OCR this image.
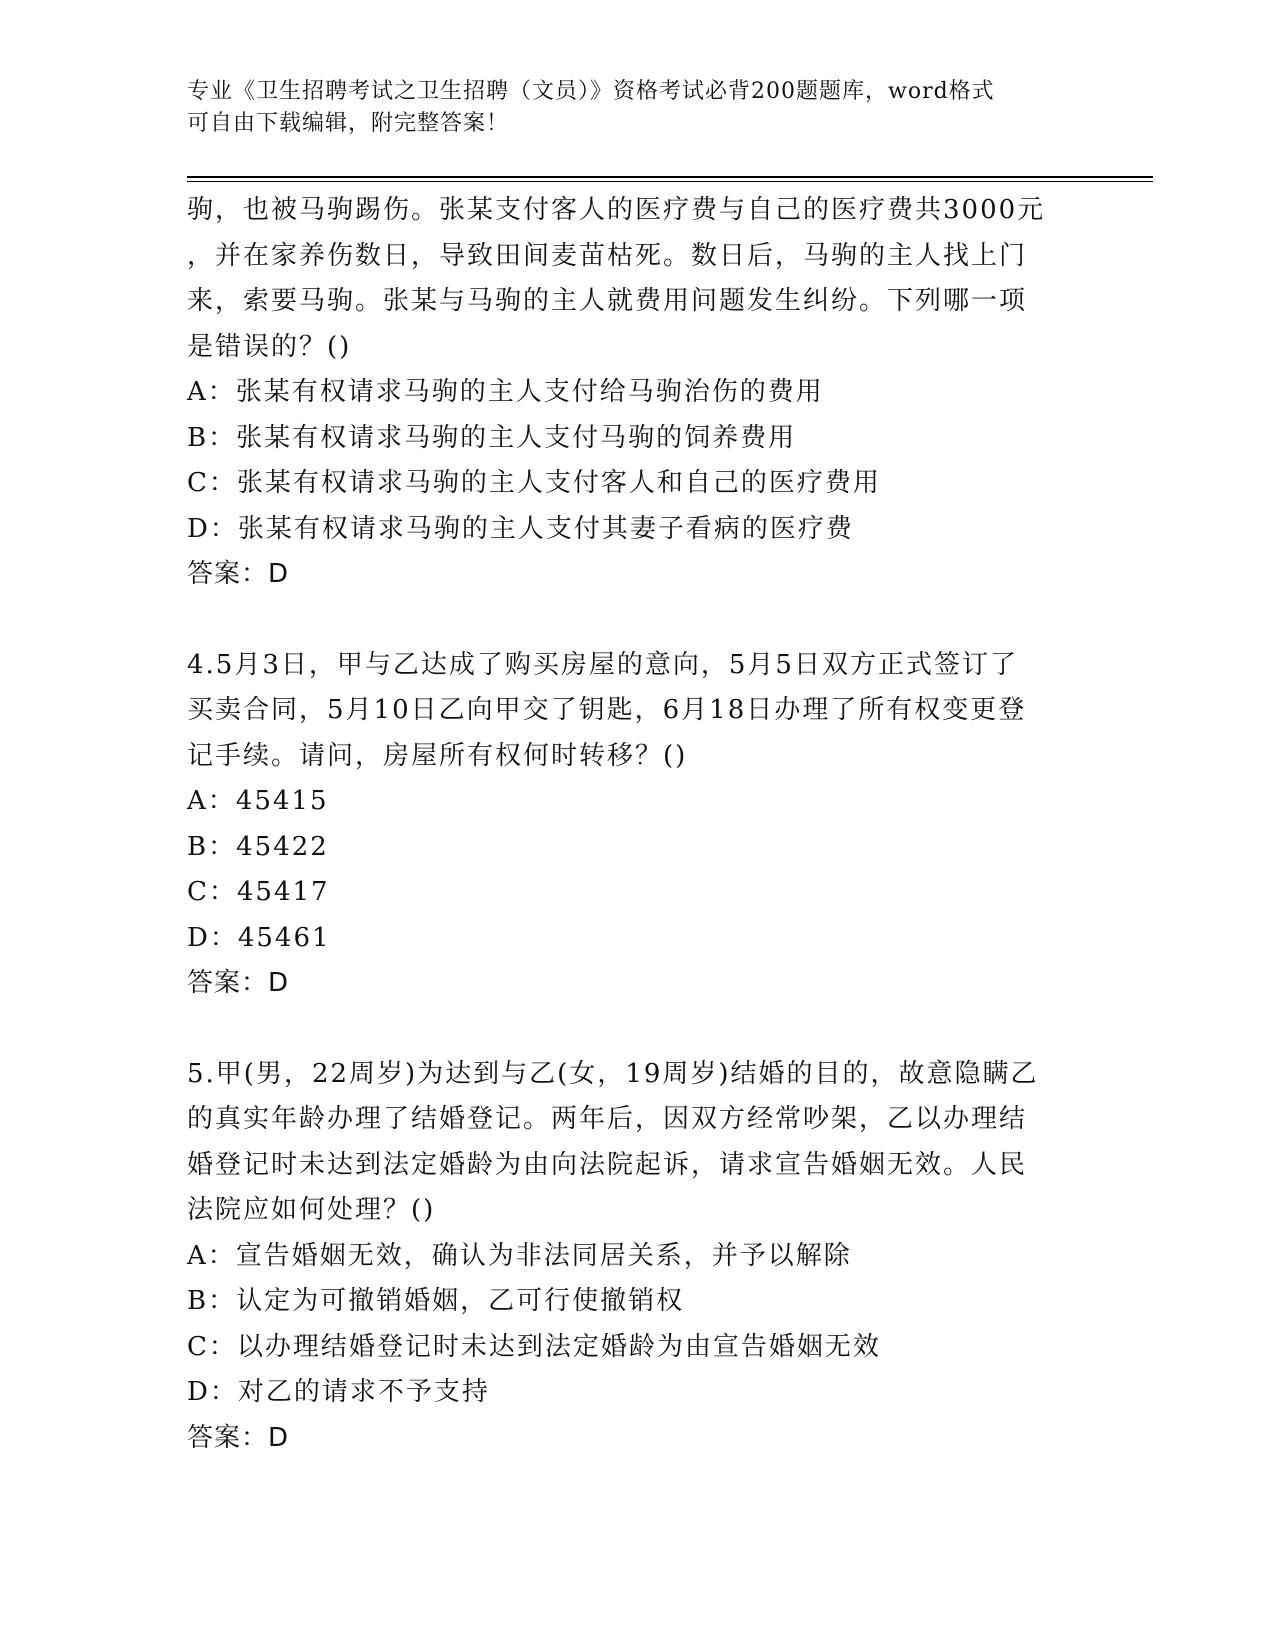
专业《卫生招聘考试之卫生招聘（文员）》资格考试必背200题题库，word格式
可自由下载编辑，附完整答案！

驹，也被马驹踢伤。张某支付客人的医疗费与自己的医疗费共3000元

，并在家养伤数日，导致田间麦苗枯死。数日后，马驹的主人找上门

来，索要马驹。张某与马驹的主人就费用问题发生纠纷。下列哪一项

是错误的？()

A：张某有权请求马驹的主人支付给马驹治伤的费用

B：张某有权请求马驹的主人支付马驹的饲养费用

C：张某有权请求马驹的主人支付客人和自己的医疗费用

D：张某有权请求马驹的主人支付其妻子看病的医疗费

答案：D

4.5月3日，甲与乙达成了购买房屋的意向，5月5日双方正式签订了

买卖合同，5月10日乙向甲交了钥匙，6月18日办理了所有权变更登

记手续。请问，房屋所有权何时转移？()

A：45415

B：45422

C：45417

D：45461

答案：D

5.甲(男，22周岁)为达到与乙(女，19周岁)结婚的目的，故意隐瞒乙

的真实年龄办理了结婚登记。两年后，因双方经常吵架，乙以办理结

婚登记时未达到法定婚龄为由向法院起诉，请求宣告婚姻无效。人民

法院应如何处理？()

A：宣告婚姻无效，确认为非法同居关系，并予以解除

B：认定为可撤销婚姻，乙可行使撤销权

C：以办理结婚登记时未达到法定婚龄为由宣告婚姻无效

D：对乙的请求不予支持

答案：D
